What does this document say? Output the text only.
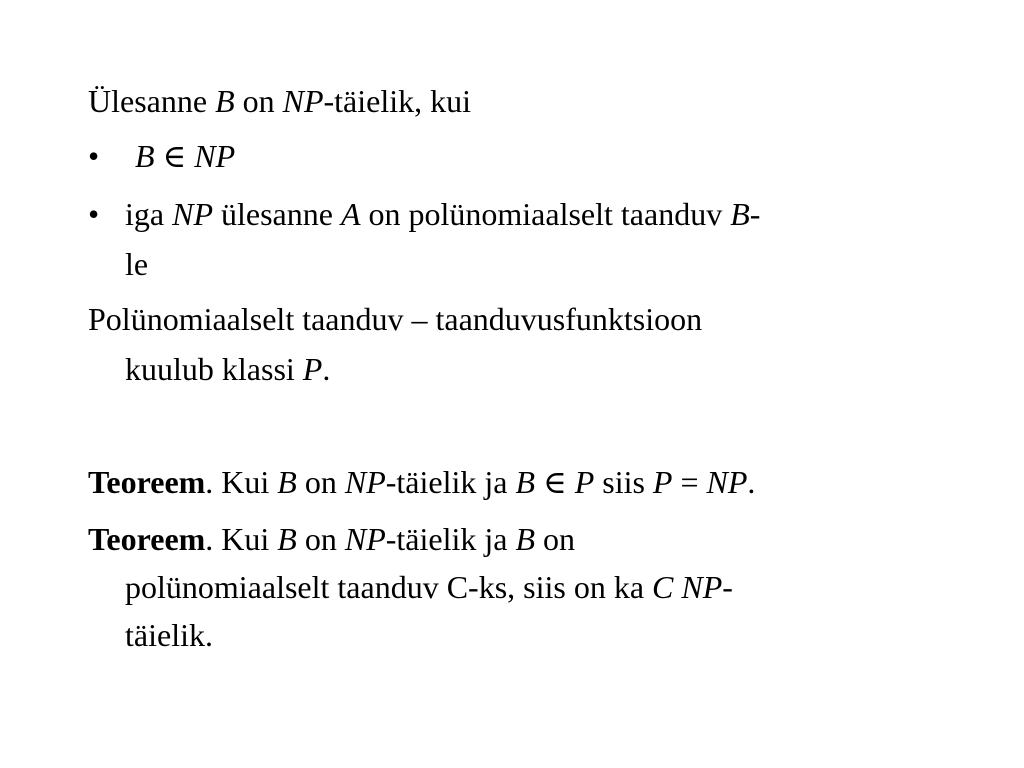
Ülesanne B on NP-täielik, kui
• B ∈ NP
• iga NP ülesanne A on polünomiaalselt taanduv B-
le
Polünomiaalselt taanduv – taanduvusfunktsioon
kuulub klassi P.
Teoreem. Kui B on NP-täielik ja B ∈ P siis P = NP.
Teoreem. Kui B on NP-täielik ja B on
polünomiaalselt taanduv C-ks, siis on ka C NP-
täielik.
